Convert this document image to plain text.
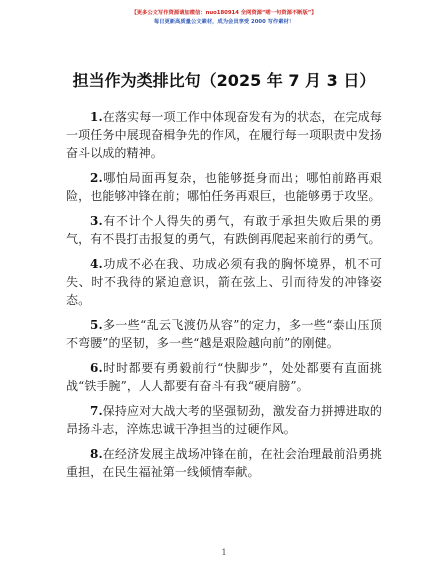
【更多公文写作资源请加微信：nuo180914 全网资源“喏一句资源不断版”】
每日更新高质量公文素材，成为会员享受 2000 写作素材！
担当作为类排比句（2025 年 7 月 3 日）

1.在落实每一项工作中体现奋发有为的状态，在完成每一项任务中展现奋楫争先的作风，在履行每一项职责中发扬奋斗以成的精神。

2.哪怕局面再复杂，也能够挺身而出；哪怕前路再艰险，也能够冲锋在前；哪怕任务再艰巨，也能够勇于攻坚。

3.有不计个人得失的勇气，有敢于承担失败后果的勇气，有不畏打击报复的勇气，有跌倒再爬起来前行的勇气。

4.功成不必在我、功成必须有我的胸怀境界，机不可失、时不我待的紧迫意识，箭在弦上、引而待发的冲锋姿态。

5.多一些“乱云飞渡仍从容”的定力，多一些“泰山压顶不弯腰”的坚韧，多一些“越是艰险越向前”的刚健。

6.时时都要有勇毅前行“快脚步”，处处都要有直面挑战“铁手腕”，人人都要有奋斗有我“硬肩膀”。

7.保持应对大战大考的坚强韧劲，激发奋力拼搏进取的昂扬斗志，淬炼忠诚干净担当的过硬作风。

8.在经济发展主战场冲锋在前，在社会治理最前沿勇挑重担，在民生福祉第一线倾情奉献。

1
